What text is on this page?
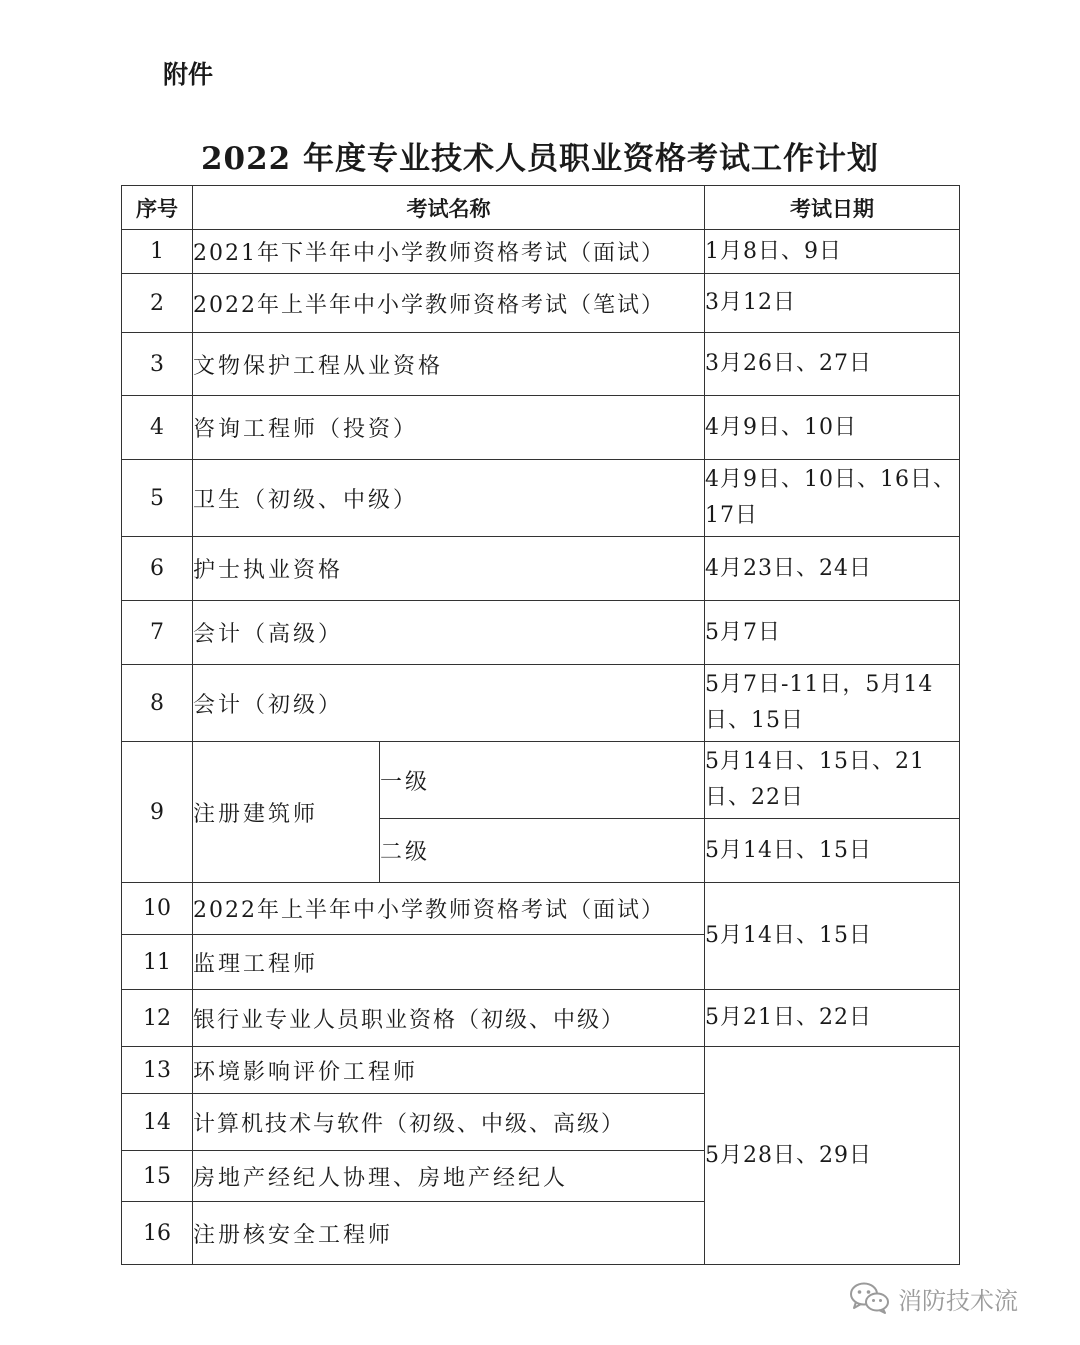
附件
2022 年度专业技术人员职业资格考试工作计划
序号	考试名称		考试日期
1	2021年下半年中小学教师资格考试（面试）		1月8日、9日
2	2022年上半年中小学教师资格考试（笔试）		3月12日
3	文物保护工程从业资格		3月26日、27日
4	咨询工程师（投资）		4月9日、10日
5	卫生（初级、中级）		4月9日、10日、16日、17日
6	护士执业资格		4月23日、24日
7	会计（高级）		5月7日
8	会计（初级）		5月7日-11日，5月14日、15日
9	注册建筑师	一级	5月14日、15日、21日、22日
		二级	5月14日、15日
10	2022年上半年中小学教师资格考试（面试）		5月14日、15日
11	监理工程师		
12	银行业专业人员职业资格（初级、中级）		5月21日、22日
13	环境影响评价工程师		5月28日、29日
14	计算机技术与软件（初级、中级、高级）		
15	房地产经纪人协理、房地产经纪人		
16	注册核安全工程师		
消防技术流
